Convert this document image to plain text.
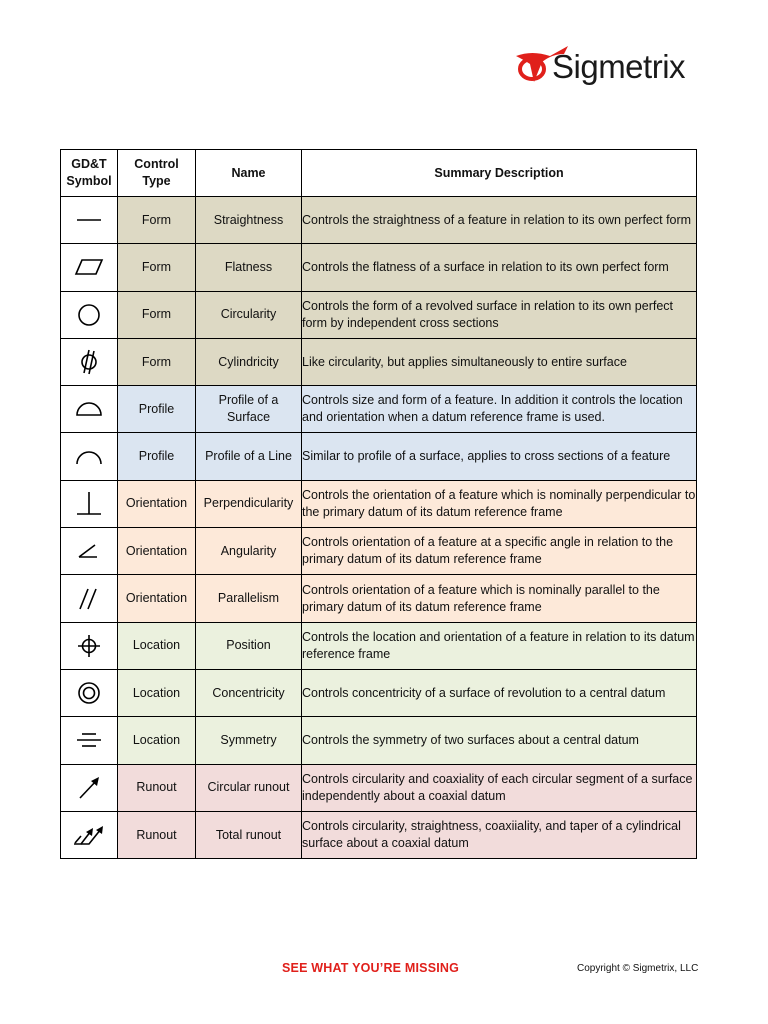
Sigmetrix
GD&T Symbol	Control Type	Name	Summary Description

	Form	Straightness	Controls the straightness of a feature in relation to its own perfect form

	Form	Flatness	Controls the flatness of a surface in relation to its own perfect form

	Form	Circularity	Controls the form of a revolved surface in relation to its own perfect form by independent cross sections

	Form	Cylindricity	Like circularity, but applies simultaneously to entire surface

	Profile	Profile of a Surface	Controls size and form of a feature. In addition it controls the location and orientation when a datum reference frame is used.

	Profile	Profile of a Line	Similar to profile of a surface, applies to cross sections of a feature

	Orientation	Perpendicularity	Controls the orientation of a feature which is nominally perpendicular to the primary datum of its datum reference frame

	Orientation	Angularity	Controls orientation of a feature at a specific angle in relation to the primary datum of its datum reference frame

	Orientation	Parallelism	Controls orientation of a feature which is nominally parallel to the primary datum of its datum reference frame

	Location	Position	Controls the location and orientation of a feature in relation to its datum reference frame

	Location	Concentricity	Controls concentricity of a surface of revolution to a central datum

	Location	Symmetry	Controls the symmetry of two surfaces about a central datum

	Runout	Circular runout	Controls circularity and coaxiality of each circular segment of a surface independently about a coaxial datum

	Runout	Total runout	Controls circularity, straightness, coaxiiality, and taper of a cylindrical surface about a coaxial datum
SEE WHAT YOU’RE MISSING	Copyright © Sigmetrix, LLC
